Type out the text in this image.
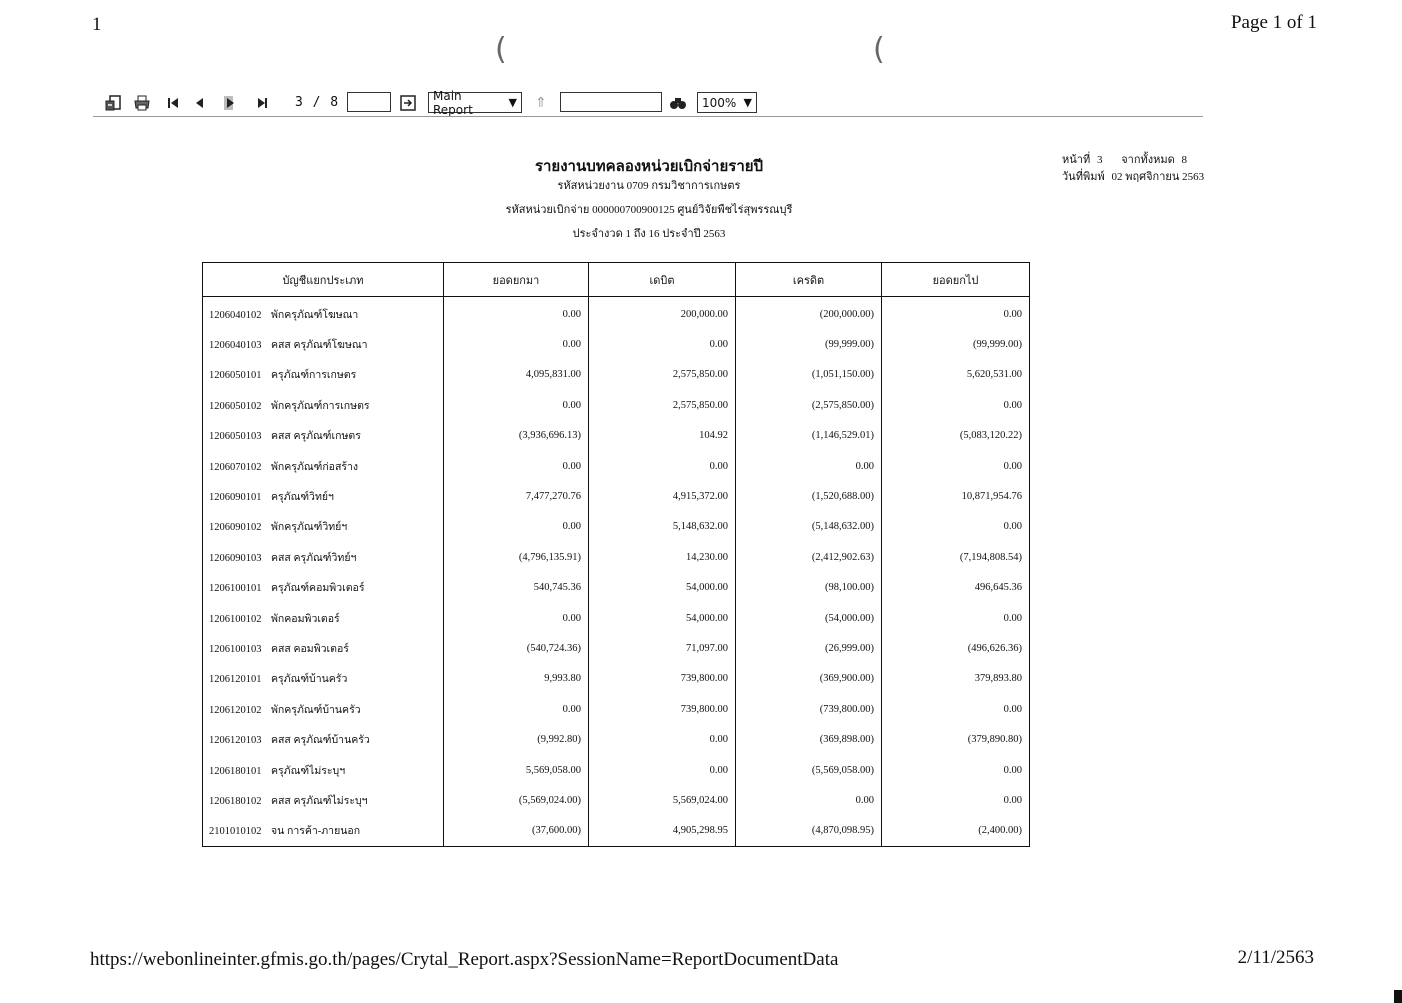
1	Page 1 of 1
(	(
3 / 8	Main Report	▼ ⇑	100% ▼
รายงานบทคลองหน่วยเบิกจ่ายรายปี
รหัสหน่วยงาน 0709 กรมวิชาการเกษตร
รหัสหน่วยเบิกจ่าย 000000700900125 ศูนย์วิจัยพืชไร่สุพรรณบุรี
ประจำงวด 1 ถึง 16 ประจำปี 2563
หน้าที่ 3 จากทั้งหมด 8
วันที่พิมพ์ 02 พฤศจิกายน 2563
บัญชีแยกประเภท	ยอดยกมา	เดบิต	เครดิต	ยอดยกไป
1206040102 พักครุภัณฑ์โฆษณา	0.00	200,000.00	(200,000.00)	0.00
1206040103 คสส ครุภัณฑ์โฆษณา	0.00	0.00	(99,999.00)	(99,999.00)
1206050101 ครุภัณฑ์การเกษตร	4,095,831.00	2,575,850.00	(1,051,150.00)	5,620,531.00
1206050102 พักครุภัณฑ์การเกษตร	0.00	2,575,850.00	(2,575,850.00)	0.00
1206050103 คสส ครุภัณฑ์เกษตร	(3,936,696.13)	104.92	(1,146,529.01)	(5,083,120.22)
1206070102 พักครุภัณฑ์ก่อสร้าง	0.00	0.00	0.00	0.00
1206090101 ครุภัณฑ์วิทย์ฯ	7,477,270.76	4,915,372.00	(1,520,688.00)	10,871,954.76
1206090102 พักครุภัณฑ์วิทย์ฯ	0.00	5,148,632.00	(5,148,632.00)	0.00
1206090103 คสส ครุภัณฑ์วิทย์ฯ	(4,796,135.91)	14,230.00	(2,412,902.63)	(7,194,808.54)
1206100101 ครุภัณฑ์คอมพิวเตอร์	540,745.36	54,000.00	(98,100.00)	496,645.36
1206100102 พักคอมพิวเตอร์	0.00	54,000.00	(54,000.00)	0.00
1206100103 คสส คอมพิวเตอร์	(540,724.36)	71,097.00	(26,999.00)	(496,626.36)
1206120101 ครุภัณฑ์บ้านครัว	9,993.80	739,800.00	(369,900.00)	379,893.80
1206120102 พักครุภัณฑ์บ้านครัว	0.00	739,800.00	(739,800.00)	0.00
1206120103 คสส ครุภัณฑ์บ้านครัว	(9,992.80)	0.00	(369,898.00)	(379,890.80)
1206180101 ครุภัณฑ์ไม่ระบุฯ	5,569,058.00	0.00	(5,569,058.00)	0.00
1206180102 คสส ครุภัณฑ์ไม่ระบุฯ	(5,569,024.00)	5,569,024.00	0.00	0.00
2101010102 จน การค้า-ภายนอก	(37,600.00)	4,905,298.95	(4,870,098.95)	(2,400.00)
https://webonlineinter.gfmis.go.th/pages/Crytal_Report.aspx?SessionName=ReportDocumentData	2/11/2563
